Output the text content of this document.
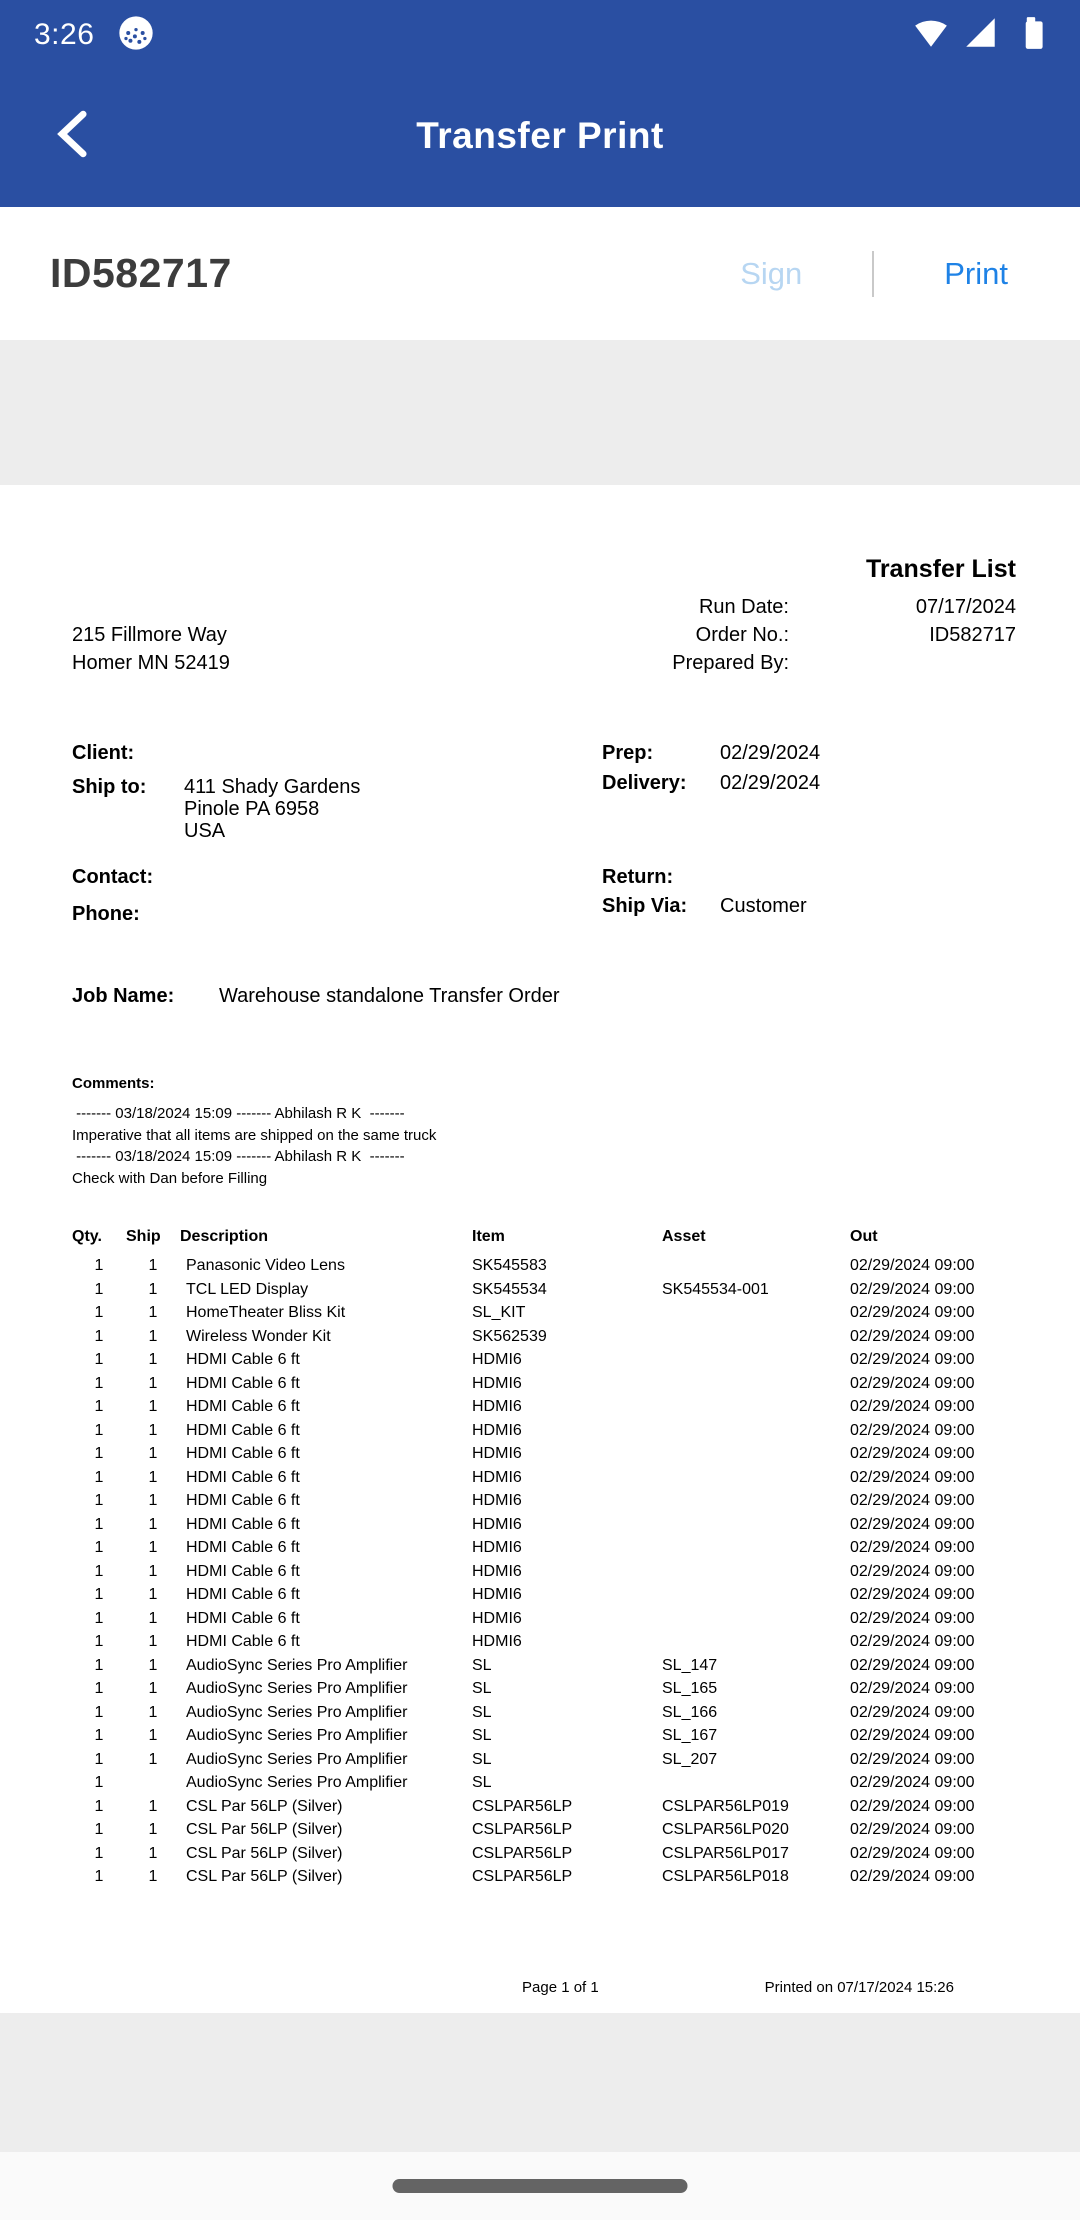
3:26
Transfer Print
ID582717	Sign	Print
Transfer List
Run Date:	07/17/2024
215 Fillmore Way	Order No.:	ID582717
Homer MN 52419	Prepared By:
Client:
Ship to:	411 Shady Gardens
Pinole PA 6958
USA
Prep:	02/29/2024
Delivery:	02/29/2024
Contact:
Phone:
Return:
Ship Via:	Customer
Job Name:	Warehouse standalone Transfer Order
Comments:
------- 03/18/2024 15:09 ------- Abhilash R K  -------
Imperative that all items are shipped on the same truck
------- 03/18/2024 15:09 ------- Abhilash R K  -------
Check with Dan before Filling
Qty.	Ship	Description	Item	Asset	Out
1	1	Panasonic Video Lens	SK545583		02/29/2024 09:00
1	1	TCL LED Display	SK545534	SK545534-001	02/29/2024 09:00
1	1	HomeTheater Bliss Kit	SL_KIT		02/29/2024 09:00
1	1	Wireless Wonder Kit	SK562539		02/29/2024 09:00
1	1	HDMI Cable 6 ft	HDMI6		02/29/2024 09:00
1	1	HDMI Cable 6 ft	HDMI6		02/29/2024 09:00
1	1	HDMI Cable 6 ft	HDMI6		02/29/2024 09:00
1	1	HDMI Cable 6 ft	HDMI6		02/29/2024 09:00
1	1	HDMI Cable 6 ft	HDMI6		02/29/2024 09:00
1	1	HDMI Cable 6 ft	HDMI6		02/29/2024 09:00
1	1	HDMI Cable 6 ft	HDMI6		02/29/2024 09:00
1	1	HDMI Cable 6 ft	HDMI6		02/29/2024 09:00
1	1	HDMI Cable 6 ft	HDMI6		02/29/2024 09:00
1	1	HDMI Cable 6 ft	HDMI6		02/29/2024 09:00
1	1	HDMI Cable 6 ft	HDMI6		02/29/2024 09:00
1	1	HDMI Cable 6 ft	HDMI6		02/29/2024 09:00
1	1	HDMI Cable 6 ft	HDMI6		02/29/2024 09:00
1	1	AudioSync Series Pro Amplifier	SL	SL_147	02/29/2024 09:00
1	1	AudioSync Series Pro Amplifier	SL	SL_165	02/29/2024 09:00
1	1	AudioSync Series Pro Amplifier	SL	SL_166	02/29/2024 09:00
1	1	AudioSync Series Pro Amplifier	SL	SL_167	02/29/2024 09:00
1	1	AudioSync Series Pro Amplifier	SL	SL_207	02/29/2024 09:00
1		AudioSync Series Pro Amplifier	SL		02/29/2024 09:00
1	1	CSL Par 56LP (Silver)	CSLPAR56LP	CSLPAR56LP019	02/29/2024 09:00
1	1	CSL Par 56LP (Silver)	CSLPAR56LP	CSLPAR56LP020	02/29/2024 09:00
1	1	CSL Par 56LP (Silver)	CSLPAR56LP	CSLPAR56LP017	02/29/2024 09:00
1	1	CSL Par 56LP (Silver)	CSLPAR56LP	CSLPAR56LP018	02/29/2024 09:00
Page 1 of 1	Printed on 07/17/2024 15:26
